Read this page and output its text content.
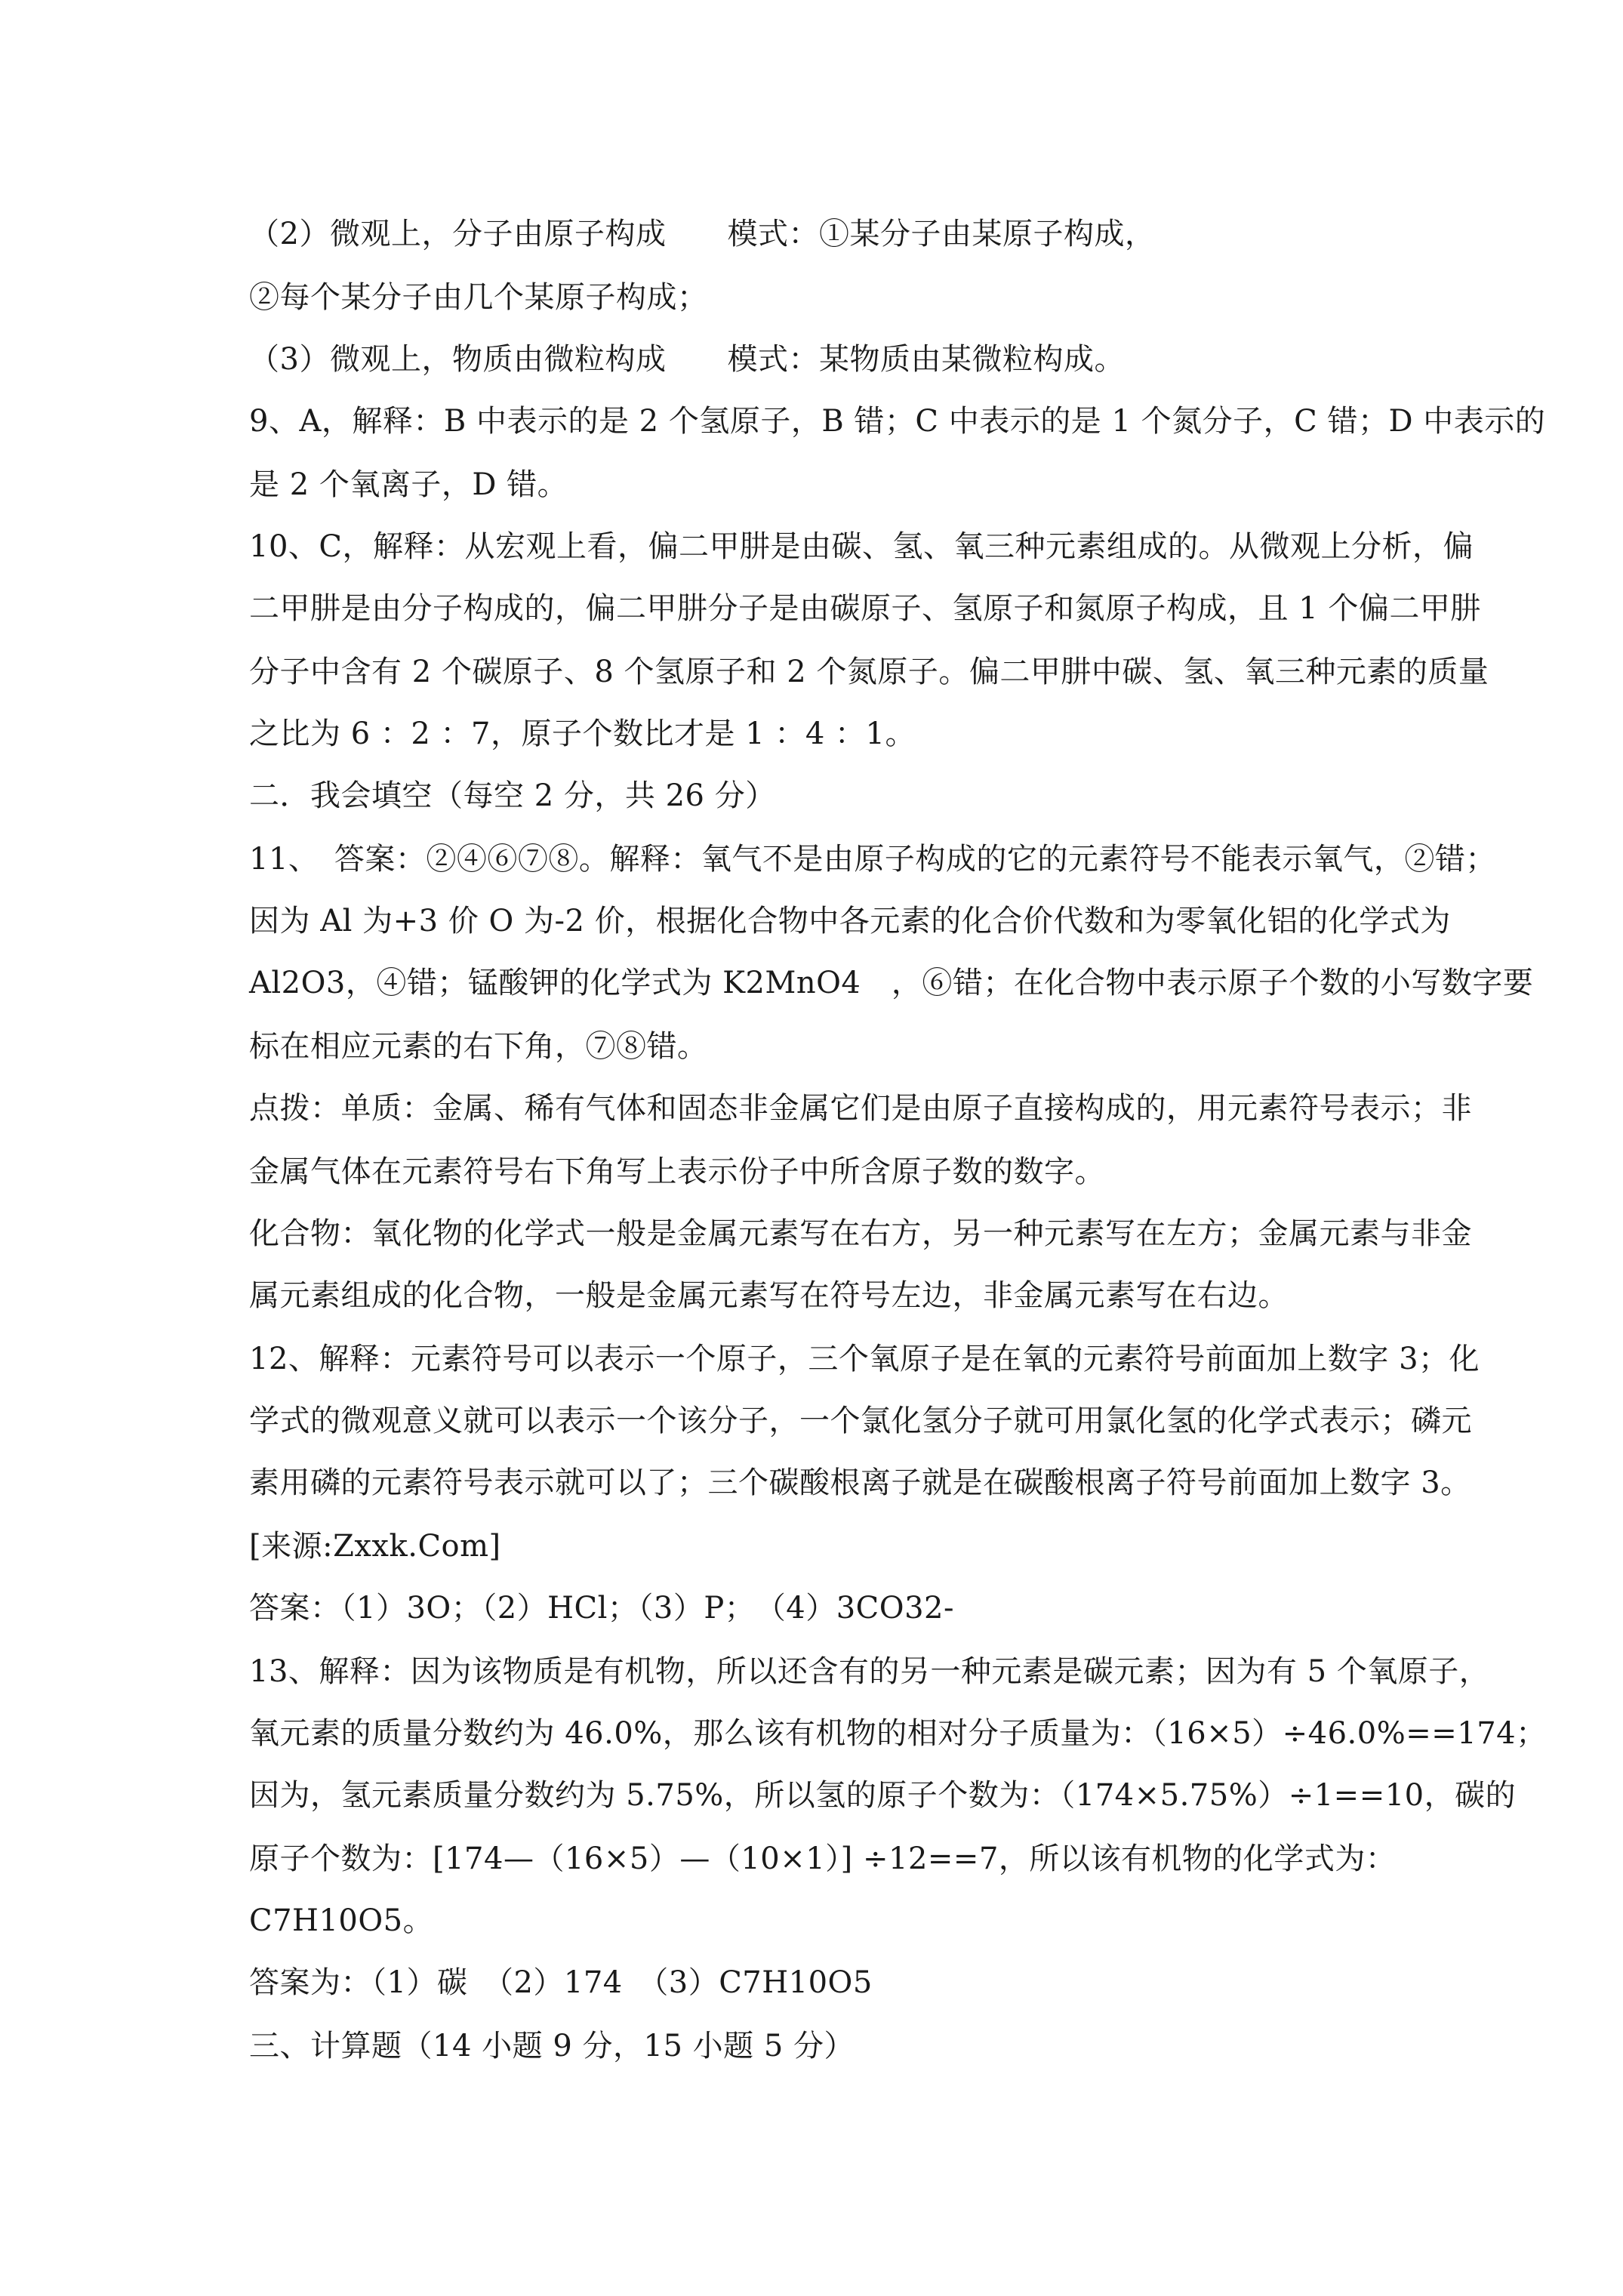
（2）微观上，分子由原子构成　　模式：①某分子由某原子构成，
②每个某分子由几个某原子构成；
（3）微观上，物质由微粒构成　　模式：某物质由某微粒构成。
9、A，解释：B 中表示的是 2 个氢原子，B 错；C 中表示的是 1 个氮分子，C 错；D 中表示的
是 2 个氧离子，D 错。
10、C，解释：从宏观上看，偏二甲肼是由碳、氢、氧三种元素组成的。从微观上分析，偏
二甲肼是由分子构成的，偏二甲肼分子是由碳原子、氢原子和氮原子构成，且 1 个偏二甲肼
分子中含有 2 个碳原子、8 个氢原子和 2 个氮原子。偏二甲肼中碳、氢、氧三种元素的质量
之比为 6 ：2 ：7，原子个数比才是 1 ：4 ：1。
二．我会填空（每空 2 分，共 26 分）
11、　答案：②④⑥⑦⑧。解释：氧气不是由原子构成的它的元素符号不能表示氧气，②错；
因为 Al 为+3 价 O 为-2 价，根据化合物中各元素的化合价代数和为零氧化铝的化学式为
Al2O3，④错；锰酸钾的化学式为 K2MnO4　，⑥错；在化合物中表示原子个数的小写数字要
标在相应元素的右下角，⑦⑧错。
点拨：单质：金属、稀有气体和固态非金属它们是由原子直接构成的，用元素符号表示；非
金属气体在元素符号右下角写上表示份子中所含原子数的数字。
化合物：氧化物的化学式一般是金属元素写在右方，另一种元素写在左方；金属元素与非金
属元素组成的化合物，一般是金属元素写在符号左边，非金属元素写在右边。
12、解释：元素符号可以表示一个原子，三个氧原子是在氧的元素符号前面加上数字 3；化
学式的微观意义就可以表示一个该分子，一个氯化氢分子就可用氯化氢的化学式表示；磷元
素用磷的元素符号表示就可以了；三个碳酸根离子就是在碳酸根离子符号前面加上数字 3。
[来源:Zxxk.Com]
答案：（1）3O；（2）HCl；（3）P；　（4）3CO32-
13、解释：因为该物质是有机物，所以还含有的另一种元素是碳元素；因为有 5 个氧原子，
氧元素的质量分数约为 46.0%，那么该有机物的相对分子质量为：（16×5）÷46.0%==174；
因为，氢元素质量分数约为 5.75%，所以氢的原子个数为：（174×5.75%）÷1==10，碳的
原子个数为：[174—（16×5）—（10×1）] ÷12==7，所以该有机物的化学式为：
C7H10O5。
答案为：（1）碳　（2）174　（3）C7H10O5
三、计算题（14 小题 9 分，15 小题 5 分）
